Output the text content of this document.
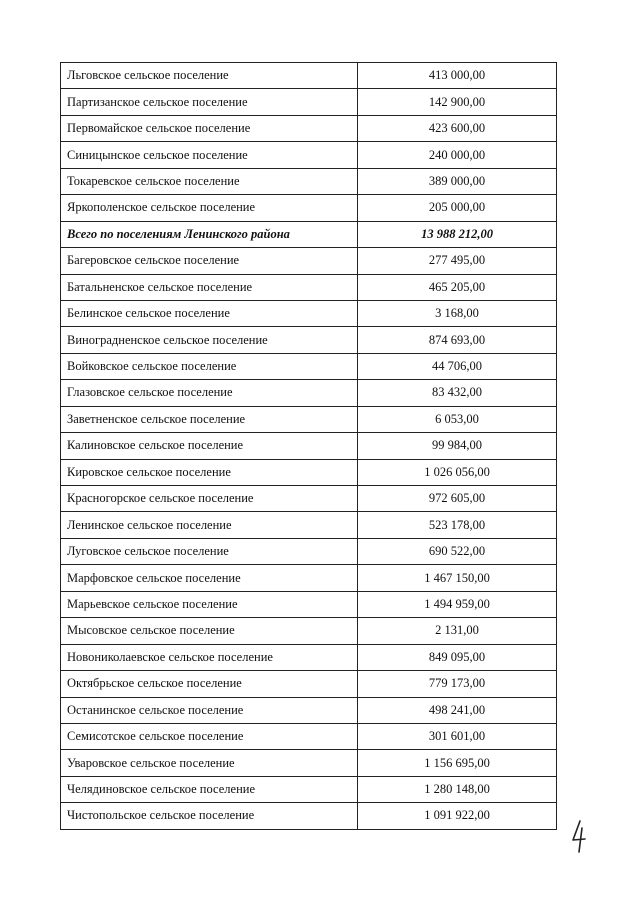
Льговское сельское поселение	413 000,00
Партизанское сельское поселение	142 900,00
Первомайское сельское поселение	423 600,00
Синицынское сельское поселение	240 000,00
Токаревское сельское поселение	389 000,00
Яркополенское сельское поселение	205 000,00
Всего по поселениям Ленинского района	13 988 212,00
Багеровское сельское поселение	277 495,00
Батальненское сельское поселение	465 205,00
Белинское сельское поселение	3 168,00
Виноградненское сельское поселение	874 693,00
Войковское сельское поселение	44 706,00
Глазовское сельское поселение	83 432,00
Заветненское сельское поселение	6 053,00
Калиновское сельское поселение	99 984,00
Кировское сельское поселение	1 026 056,00
Красногорское сельское поселение	972 605,00
Ленинское сельское поселение	523 178,00
Луговское сельское поселение	690 522,00
Марфовское сельское поселение	1 467 150,00
Марьевское сельское поселение	1 494 959,00
Мысовское сельское поселение	2 131,00
Новониколаевское сельское поселение	849 095,00
Октябрьское сельское поселение	779 173,00
Останинское сельское поселение	498 241,00
Семисотское сельское поселение	301 601,00
Уваровское сельское поселение	1 156 695,00
Челядиновское сельское поселение	1 280 148,00
Чистопольское сельское поселение	1 091 922,00
